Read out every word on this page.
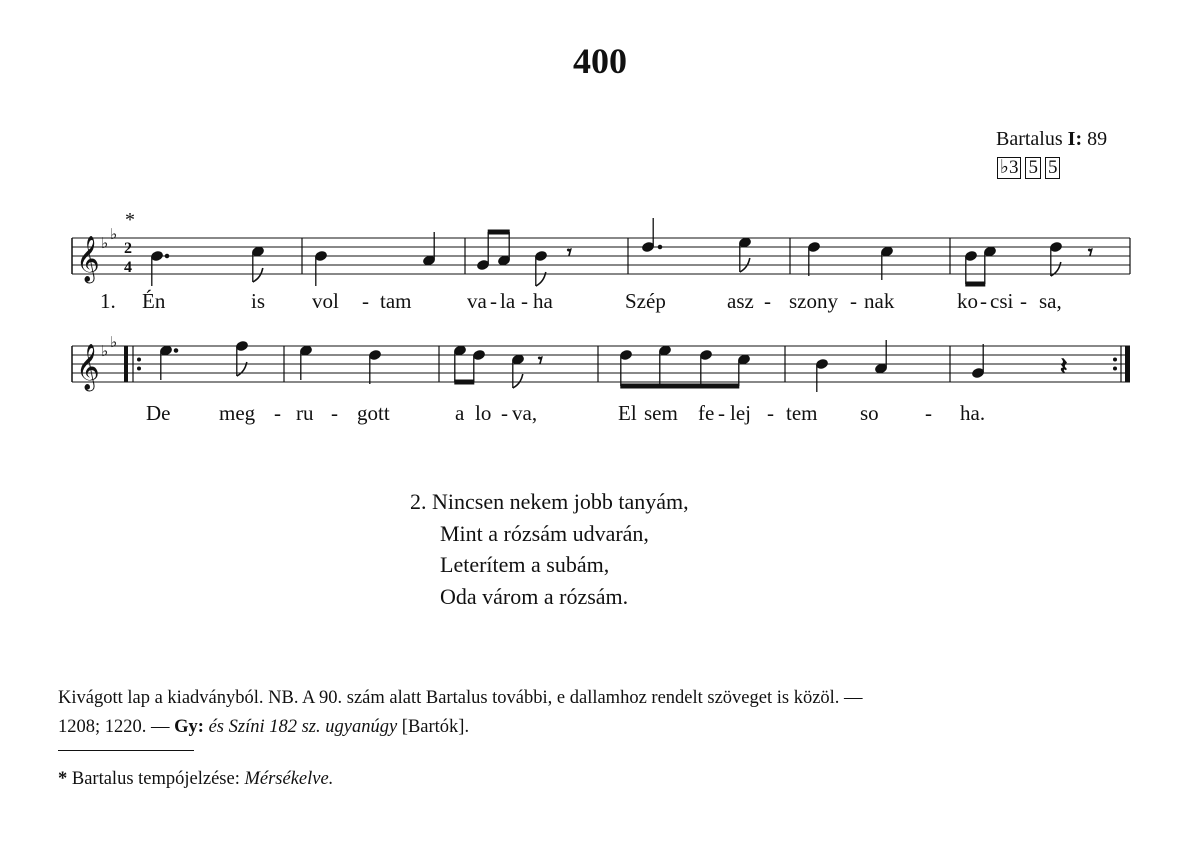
400
Bartalus I: 89
♭3 5 5
𝄞 ♭ ♭
2
4
*
𝄾	𝄾
1. Én	is vol - tam	va - la - ha	Szép	asz - szony - nak	ko - csi - sa,
𝄞 ♭ ♭
𝄾	𝄽
De meg - ru - gott	a lo - va,	El sem fe - lej - tem so - ha.
2. Nincsen nekem jobb tanyám,
Mint a rózsám udvarán,
Leterítem a subám,
Oda várom a rózsám.
Kivágott lap a kiadványból. NB. A 90. szám alatt Bartalus további, e dallamhoz rendelt szöveget is közöl. —
1208; 1220. — Gy: és Színi 182 sz. ugyanúgy [Bartók].
* Bartalus tempójelzése: Mérsékelve.
